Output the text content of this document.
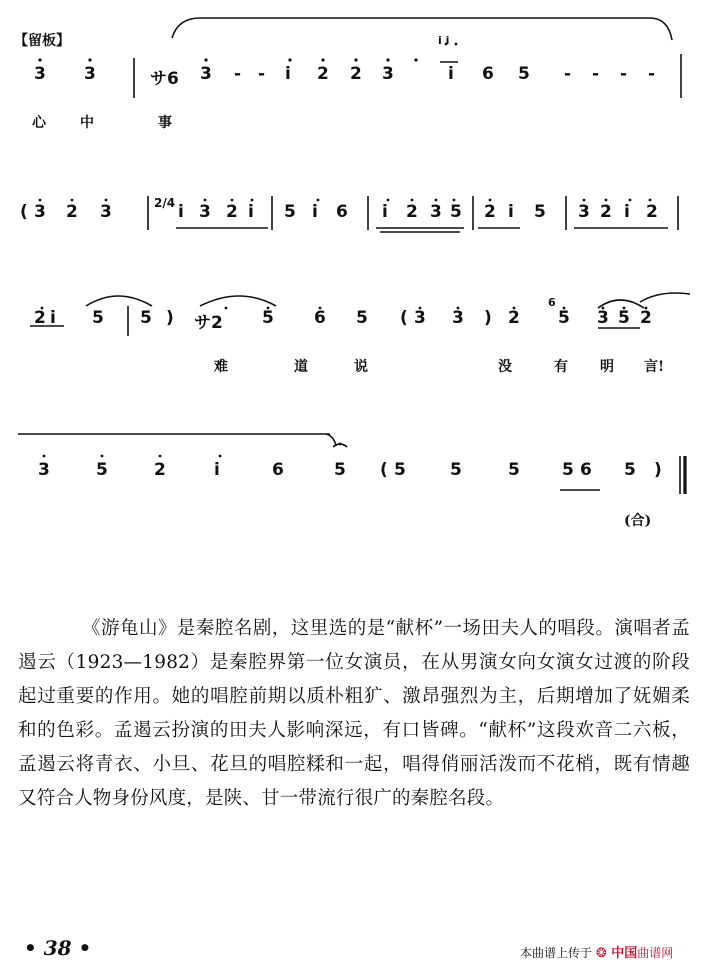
【留板】
3 3	サ6 3 - - i 2 2 3
i i
i 6 5 - - - -
心 中	事
( 3 2 3	2/4 i 3 2 i 5 i 6 i 2 3 5 2 i 5 3 2 i 2
2 i 5 5 ) サ2 5 6 5 ( 3 3 ) 2
6
5 3 5 2
难	道	说	没	有 明 言!
3	5	2	i	6	5 ( 5	5	5 5 6 5 )
(合)

《游龟山》是秦腔名剧，这里选的是“献杯”一场田夫人的唱段。演唱者孟遏云（1923—1982）是秦腔界第一位女演员，在从男演女向女演女过渡的阶段起过重要的作用。她的唱腔前期以质朴粗犷、激昂强烈为主，后期增加了妩媚柔和的色彩。孟遏云扮演的田夫人影响深远，有口皆碑。“献杯”这段欢音二六板，孟遏云将青衣、小旦、花旦的唱腔糅和一起，唱得俏丽活泼而不花梢，既有情趣又符合人物身份风度，是陕、甘一带流行很广的秦腔名段。

• 38 •	本曲谱上传于 ❂ 中国曲谱网
